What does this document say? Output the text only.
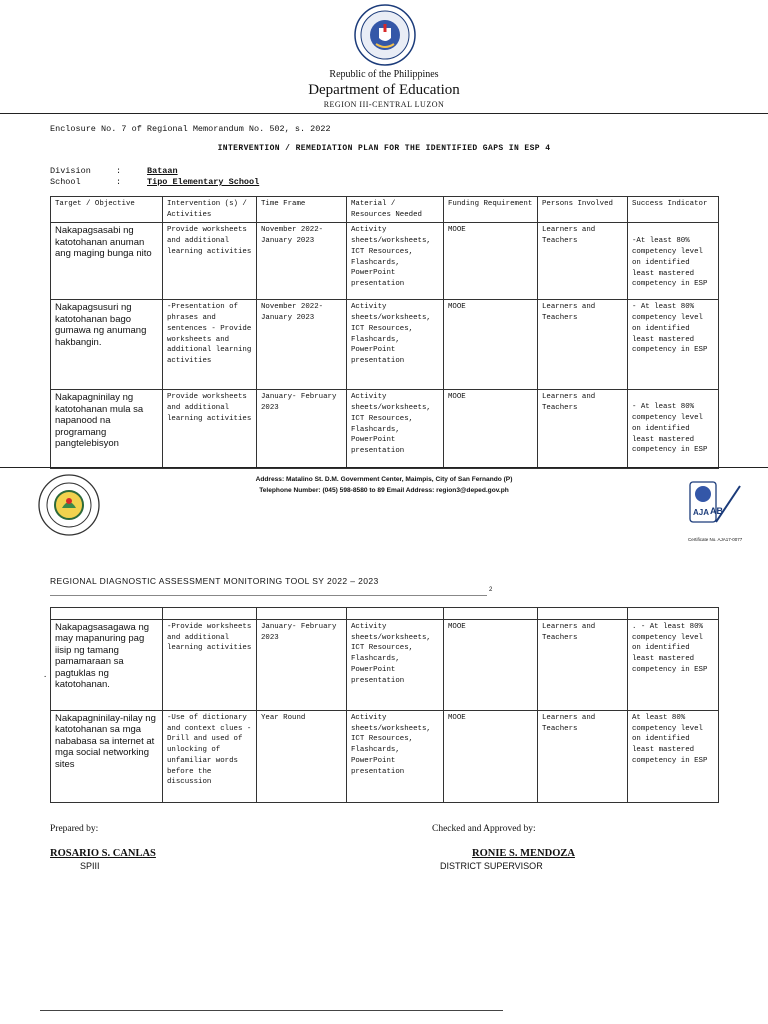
Republic of the Philippines
Department of Education
REGION III-CENTRAL LUZON
Enclosure No. 7 of Regional Memorandum No. 502, s. 2022
INTERVENTION / REMEDIATION PLAN FOR THE IDENTIFIED GAPS IN ESP 4
Division	:	Bataan
School	:	Tipo Elementary School
Target / Objective	Intervention (s) / Activities	Time Frame	Material / Resources Needed	Funding Requirement	Persons Involved	Success Indicator
Nakapagsasabi ng katotohanan anuman ang maging bunga nito	Provide worksheets and additional learning activities	November 2022- January 2023	Activity sheets/worksheets, ICT Resources, Flashcards, PowerPoint presentation	MOOE	Learners and Teachers	-At least 80% competency level on identified least mastered competency in ESP
Nakapagsusuri ng katotohanan bago gumawa ng anumang hakbangin.	-Presentation of phrases and sentences - Provide worksheets and additional learning activities	November 2022- January 2023	Activity sheets/worksheets, ICT Resources, Flashcards, PowerPoint presentation	MOOE	Learners and Teachers	- At least 80% competency level on identified least mastered competency in ESP
Nakapagninilay ng katotohanan mula sa napanood na programang pangtelebisyon	Provide worksheets and additional learning activities	January- February 2023	Activity sheets/worksheets, ICT Resources, Flashcards, PowerPoint presentation	MOOE	Learners and Teachers	- At least 80% competency level on identified least mastered competency in ESP
Address: Matalino St. D.M. Government Center, Maimpis, City of San Fernando (P)
Telephone Number: (045) 598-8580 to 89 Email Address: region3@deped.gov.ph
AB
AJA
Certificate No. AJA17-0077
REGIONAL DIAGNOSTIC ASSESSMENT MONITORING TOOL SY 2022 – 2023
2

Nakapagsasagawa ng may mapanuring pag iisip ng tamang pamamaraan sa pagtuklas ng katotohanan.	-Provide worksheets and additional learning activities	January- February 2023	Activity sheets/worksheets, ICT Resources, Flashcards, PowerPoint presentation	MOOE	Learners and Teachers	. - At least 80% competency level on identified least mastered competency in ESP
Nakapagninilay-nilay ng katotohanan sa mga nababasa sa internet at mga social networking sites	-Use of dictionary and context clues -Drill and used of unlocking of unfamiliar words before the discussion	Year Round	Activity sheets/worksheets, ICT Resources, Flashcards, PowerPoint presentation	MOOE	Learners and Teachers	At least 80% competency level on identified least mastered competency in ESP
.
Prepared by:	Checked and Approved by:
ROSARIO S. CANLAS	RONIE S. MENDOZA
SPIII	DISTRICT SUPERVISOR
